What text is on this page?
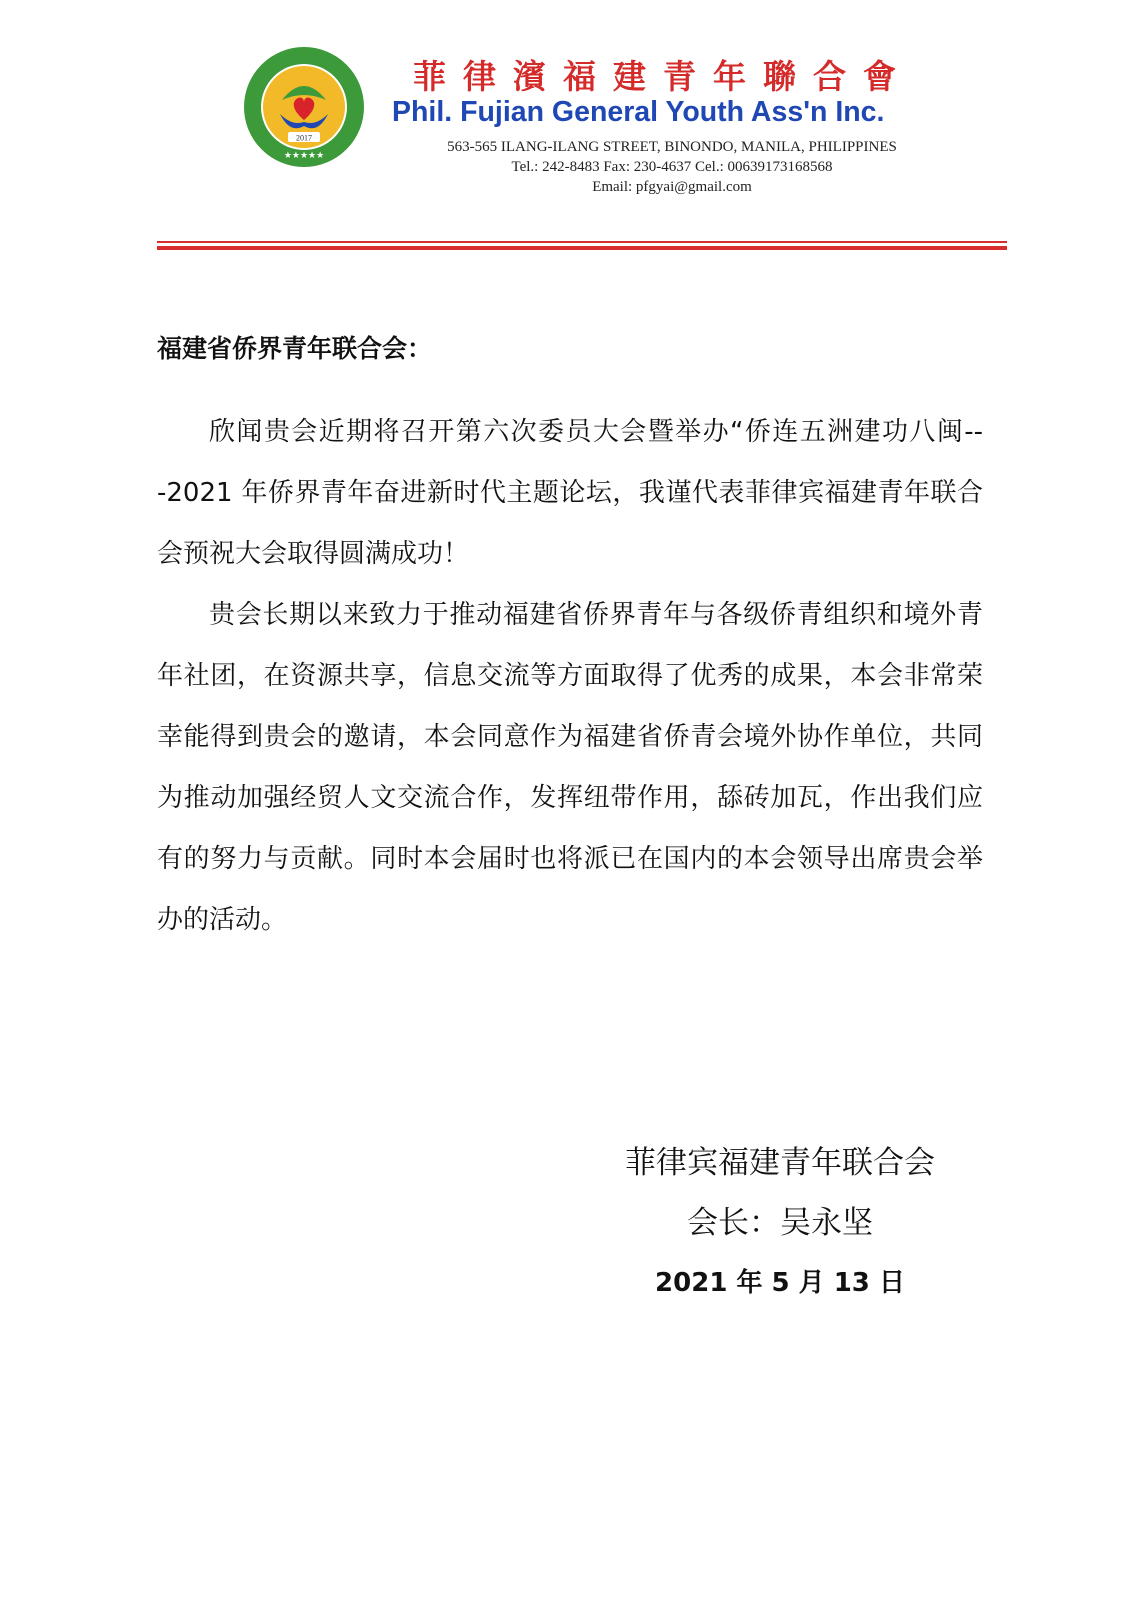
2017
★★★★★
菲律濱福建青年聯合會
Phil. Fujian General Youth Ass'n Inc.
563-565 ILANG-ILANG STREET, BINONDO, MANILA, PHILIPPINES
Tel.: 242-8483 Fax: 230-4637 Cel.: 00639173168568
Email: pfgyai@gmail.com
福建省侨界青年联合会：

欣闻贵会近期将召开第六次委员大会暨举办“侨连五洲建功八闽---2021 年侨界青年奋进新时代主题论坛，我谨代表菲律宾福建青年联合会预祝大会取得圆满成功！

贵会长期以来致力于推动福建省侨界青年与各级侨青组织和境外青年社团，在资源共享，信息交流等方面取得了优秀的成果，本会非常荣幸能得到贵会的邀请，本会同意作为福建省侨青会境外协作单位，共同为推动加强经贸人文交流合作，发挥纽带作用，舔砖加瓦，作出我们应有的努力与贡献。同时本会届时也将派已在国内的本会领导出席贵会举办的活动。

菲律宾福建青年联合会
会长：吴永坚
2021 年 5 月 13 日
